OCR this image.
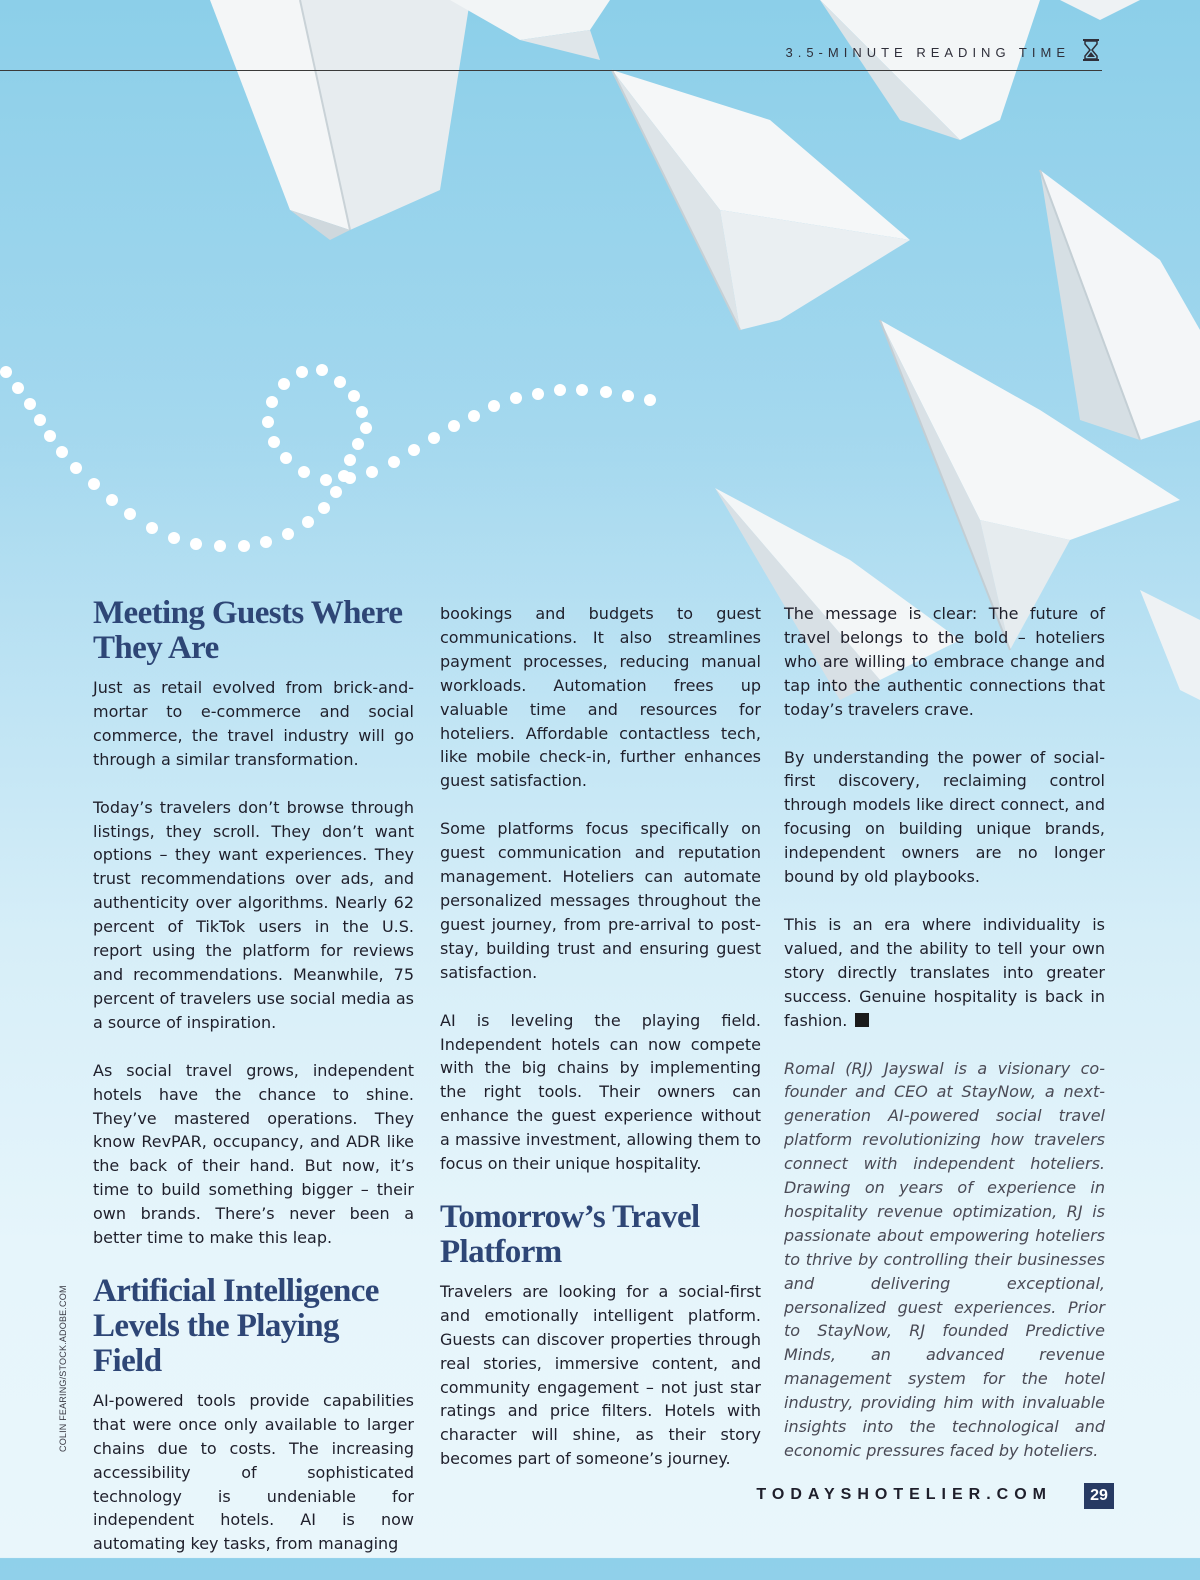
3.5-MINUTE READING TIME
Meeting Guests Where They Are

Just as retail evolved from brick-and-mortar to e-commerce and social commerce, the travel industry will go through a similar transformation.

Today’s travelers don’t browse through listings, they scroll. They don’t want options – they want experiences. They trust recommendations over ads, and authenticity over algorithms. Nearly 62 percent of TikTok users in the U.S. report using the platform for reviews and recommendations. Meanwhile, 75 percent of travelers use social media as a source of inspiration.

As social travel grows, independent hotels have the chance to shine. They’ve mastered operations. They know RevPAR, occupancy, and ADR like the back of their hand. But now, it’s time to build something bigger – their own brands. There’s never been a better time to make this leap.

Artificial Intelligence Levels the Playing Field

AI-powered tools provide capabilities that were once only available to larger chains due to costs. The increasing accessibility of sophisticated technology is undeniable for independent hotels. AI is now automating key tasks, from managing

bookings and budgets to guest communications. It also streamlines payment processes, reducing manual workloads. Automation frees up valuable time and resources for hoteliers. Affordable contactless tech, like mobile check-in, further enhances guest satisfaction.

Some platforms focus specifically on guest communication and reputation management. Hoteliers can automate personalized messages throughout the guest journey, from pre-arrival to post-stay, building trust and ensuring guest satisfaction.

AI is leveling the playing field. Independent hotels can now compete with the big chains by implementing the right tools. Their owners can enhance the guest experience without a massive investment, allowing them to focus on their unique hospitality.

Tomorrow’s Travel Platform

Travelers are looking for a social-first and emotionally intelligent platform. Guests can discover properties through real stories, immersive content, and community engagement – not just star ratings and price filters. Hotels with character will shine, as their story becomes part of someone’s journey.

The message is clear: The future of travel belongs to the bold – hoteliers who are willing to embrace change and tap into the authentic connections that today’s travelers crave.

By understanding the power of social-first discovery, reclaiming control through models like direct connect, and focusing on building unique brands, independent owners are no longer bound by old playbooks.

This is an era where individuality is valued, and the ability to tell your own story directly translates into greater success. Genuine hospitality is back in fashion.

Romal (RJ) Jayswal is a visionary co-founder and CEO at StayNow, a next-generation AI-powered social travel platform revolutionizing how travelers connect with independent hoteliers. Drawing on years of experience in hospitality revenue optimization, RJ is passionate about empowering hoteliers to thrive by controlling their businesses and delivering exceptional, personalized guest experiences. Prior to StayNow, RJ founded Predictive Minds, an advanced revenue management system for the hotel industry, providing him with invaluable insights into the technological and economic pressures faced by hoteliers.

COLIN FEARING/STOCK.ADOBE.COM
TODAYSHOTELIER.COM	29
